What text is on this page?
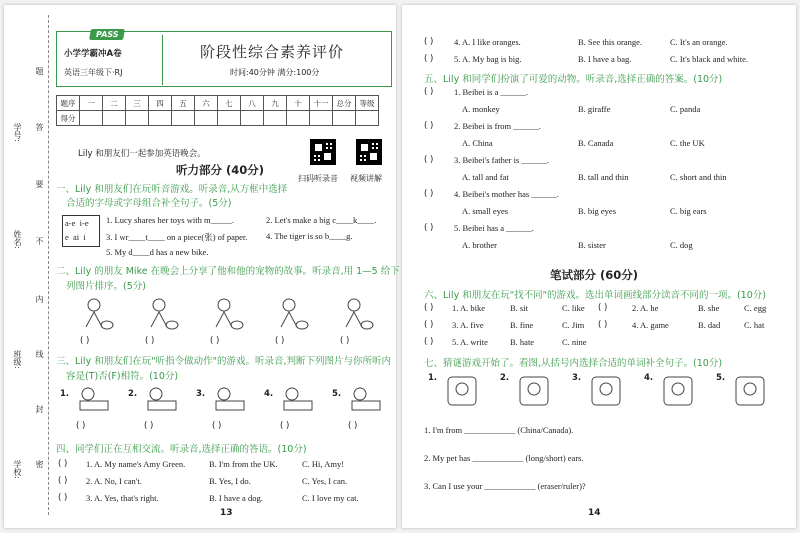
学号:
姓名:
班级:
学校:
题
答
要
不
内
线
封
密
PASS
小学学霸冲A卷
英语三年级下·RJ
阶段性综合素养评价
时间:40分钟 满分:100分
题序	一	二	三	四	五	六	七	八	九	十	十一	总分	等级
得分													
Lily 和朋友们一起参加英语晚会。
听力部分 (40分)
扫码听录音 视频讲解
一、Lily 和朋友们在玩听音游戏。听录音,从方框中选择
合适的字母或字母组合补全句子。(5分)
a-e  i-e
e  ai  i
1. Lucy shares her toys with m_____.	2. Let's make a big c____k____.
3. I wr____t____ on a piece(张) of paper. 4. The tiger is so b____g.
5. My d____d has a new bike.
二、Lily 的朋友 Mike 在晚会上分享了他和他的宠物的故事。听录音,用 1—5 给下
列图片排序。(5分)
( )	( )	( )	( )	( )
三、Lily 和朋友们在玩"听指令做动作"的游戏。听录音,判断下列图片与你所听内
容是(T)否(F)相符。(10分)
1.
( )
2.
( )
3.
( )
4.
( )
5.
( )
四、同学们正在互相交流。听录音,选择正确的答语。(10分)
( ) 1. A. My name's Amy Green.	B. I'm from the UK.	C. Hi, Amy!
( ) 2. A. No, I can't.	B. Yes, I do.	C. Yes, I can.
( ) 3. A. Yes, that's right.	B. I have a dog.	C. I love my cat.
13
( ) 4. A. I like oranges.	B. See this orange.	C. It's an orange.
( ) 5. A. My bag is big.	B. I have a bag.	C. It's black and white.
五、Lily 和同学们扮演了可爱的动物。听录音,选择正确的答案。(10分)
( ) 1. Beibei is a ______.
A. monkey	B. giraffe	C. panda
( ) 2. Beibei is from ______.
A. China	B. Canada	C. the UK
( ) 3. Beibei's father is ______.
A. tall and fat	B. tall and thin	C. short and thin
( ) 4. Beibei's mother has ______.
A. small eyes	B. big eyes	C. big ears
( ) 5. Beibei has a ______.
A. brother	B. sister	C. dog
笔试部分 (60分)
六、Lily 和朋友在玩"找不同"的游戏。选出单词画线部分读音不同的一项。(10分)
( )	( )
1. A. bike	B. sit	C. like	2. A. he	B. she	C. egg
( )	( )
3. A. five	B. fine	C. Jim	4. A. game	B. dad	C. hat
( ) 5. A. write	B. hate	C. nine
七、猜谜游戏开始了。看图,从括号内选择合适的单词补全句子。(10分)
1.	2.	3.	4.	5.
1. I'm from ____________ (China/Canada).
2. My pet has ____________ (long/short) ears.
3. Can I use your ____________ (eraser/ruler)?
14
